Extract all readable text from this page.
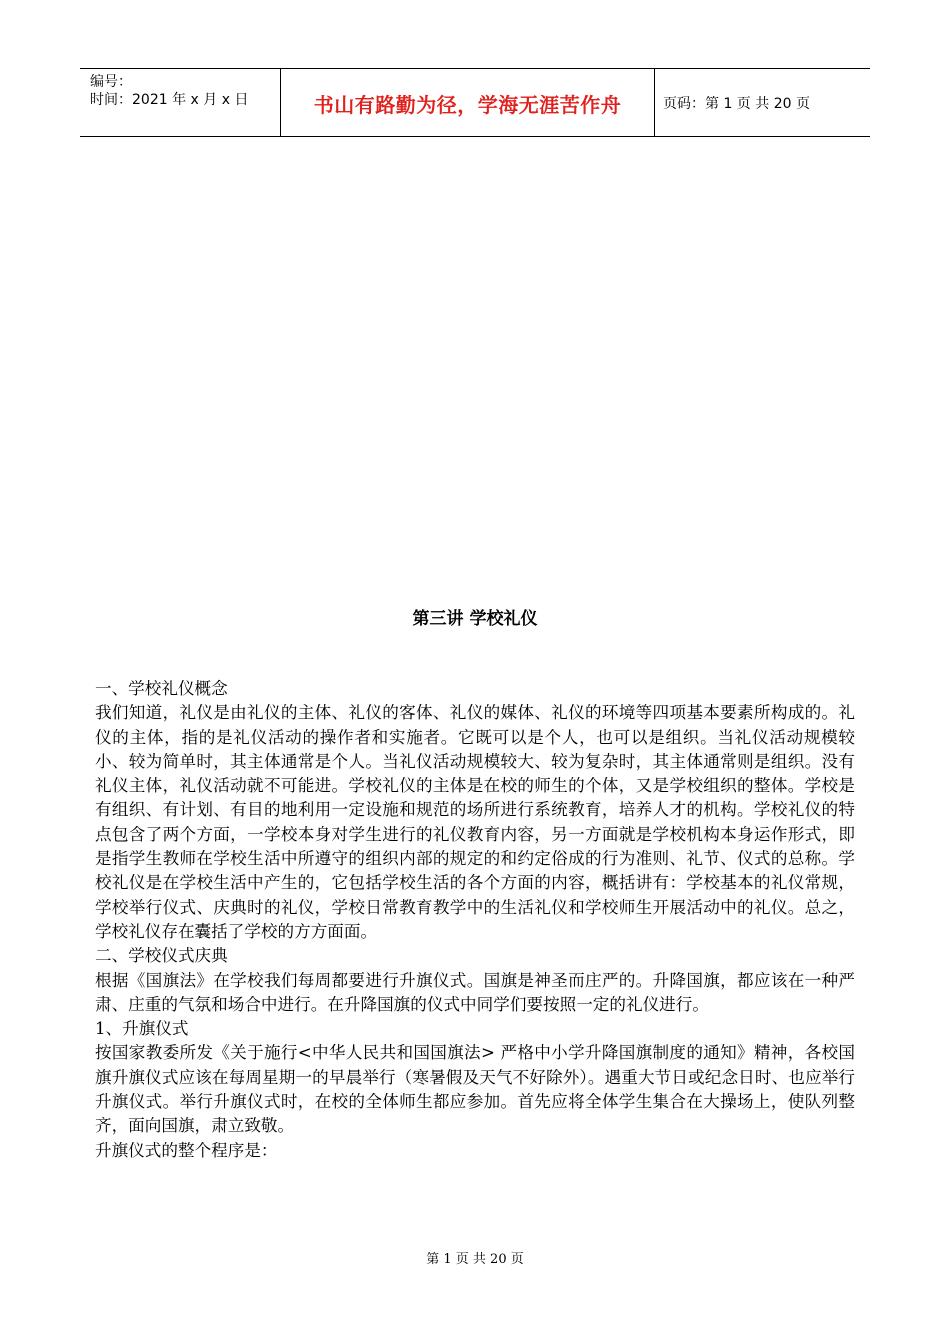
编号：
时间：2021 年 x 月 x 日	书山有路勤为径，学海无涯苦作舟	页码：第 1 页 共 20 页
第三讲 学校礼仪

一、学校礼仪概念

我们知道，礼仪是由礼仪的主体、礼仪的客体、礼仪的媒体、礼仪的环境等四项基本要素所构成的。礼仪的主体，指的是礼仪活动的操作者和实施者。它既可以是个人，也可以是组织。当礼仪活动规模较小、较为简单时，其主体通常是个人。当礼仪活动规模较大、较为复杂时，其主体通常则是组织。没有礼仪主体，礼仪活动就不可能进。学校礼仪的主体是在校的师生的个体，又是学校组织的整体。学校是有组织、有计划、有目的地利用一定设施和规范的场所进行系统教育，培养人才的机构。学校礼仪的特点包含了两个方面，一学校本身对学生进行的礼仪教育内容，另一方面就是学校机构本身运作形式，即是指学生教师在学校生活中所遵守的组织内部的规定的和约定俗成的行为准则、礼节、仪式的总称。学校礼仪是在学校生活中产生的，它包括学校生活的各个方面的内容，概括讲有：学校基本的礼仪常规，学校举行仪式、庆典时的礼仪，学校日常教育教学中的生活礼仪和学校师生开展活动中的礼仪。总之，学校礼仪存在囊括了学校的方方面面。

二、学校仪式庆典

根据《国旗法》在学校我们每周都要进行升旗仪式。国旗是神圣而庄严的。升降国旗，都应该在一种严肃、庄重的气氛和场合中进行。在升降国旗的仪式中同学们要按照一定的礼仪进行。

1、升旗仪式

按国家教委所发《关于施行<中华人民共和国国旗法> 严格中小学升降国旗制度的通知》精神，各校国旗升旗仪式应该在每周星期一的早晨举行（寒暑假及天气不好除外）。遇重大节日或纪念日时、也应举行升旗仪式。举行升旗仪式时，在校的全体师生都应参加。首先应将全体学生集合在大操场上，使队列整齐，面向国旗，肃立致敬。

升旗仪式的整个程序是：

第 1 页 共 20 页
